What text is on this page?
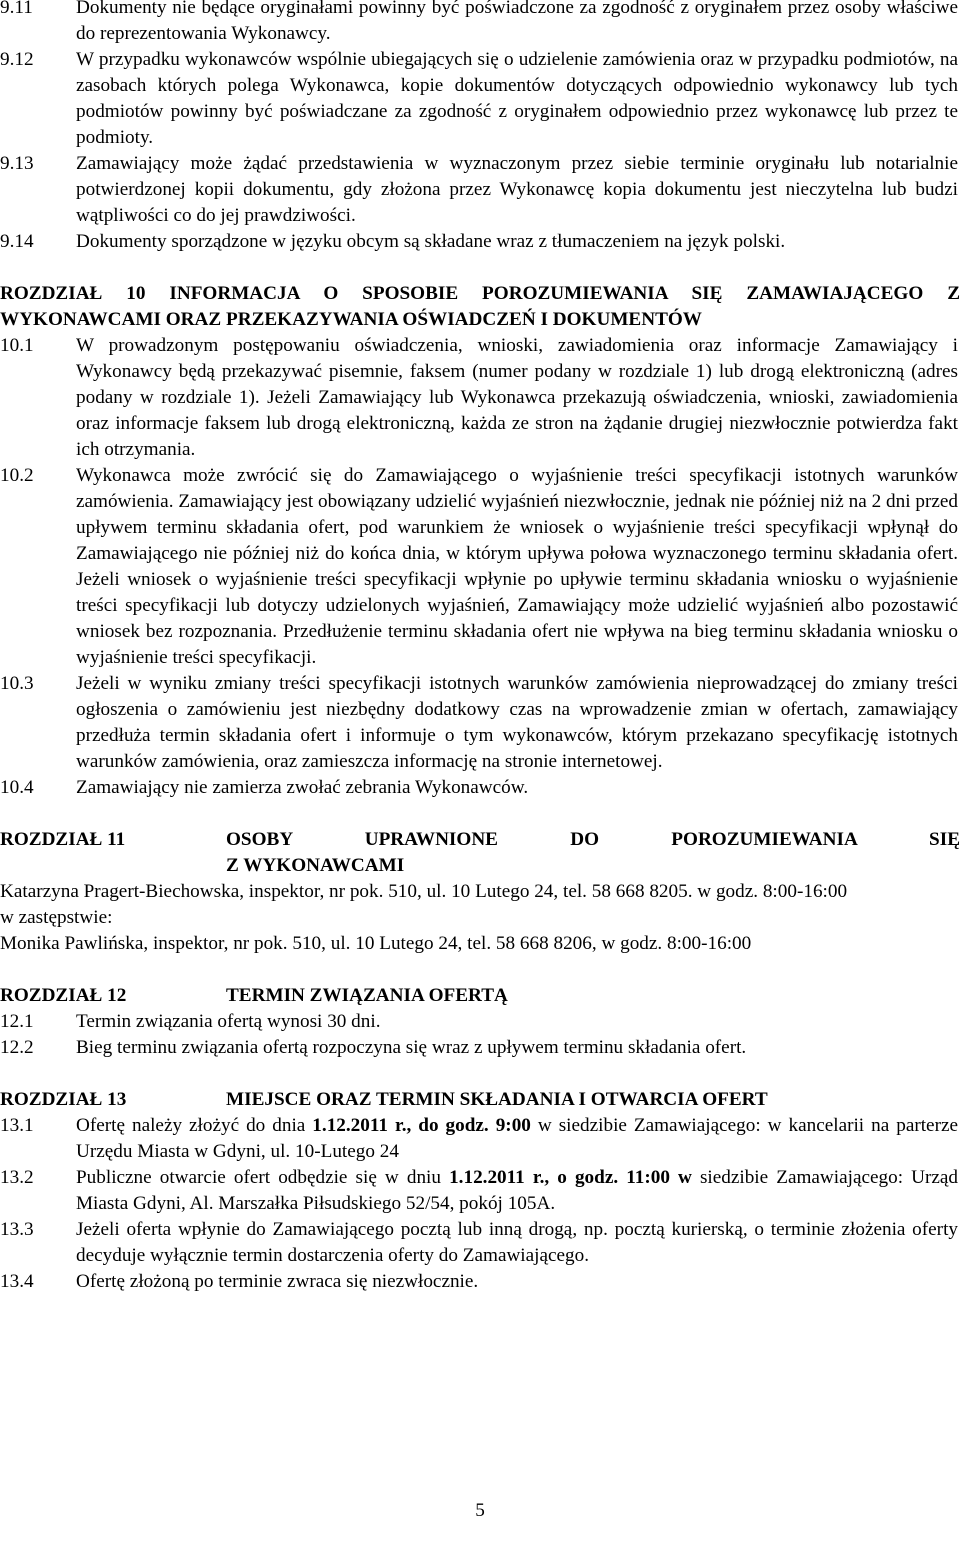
9.11	Dokumenty nie będące oryginałami powinny być poświadczone za zgodność z oryginałem przez osoby właściwe do reprezentowania Wykonawcy.
9.12	W przypadku wykonawców wspólnie ubiegających się o udzielenie zamówienia oraz w przypadku podmiotów, na zasobach których polega Wykonawca, kopie dokumentów dotyczących odpowiednio wykonawcy lub tych podmiotów powinny być poświadczane za zgodność z oryginałem odpowiednio przez wykonawcę lub przez te podmioty.
9.13	Zamawiający może żądać przedstawienia w wyznaczonym przez siebie terminie oryginału lub notarialnie potwierdzonej kopii dokumentu, gdy złożona przez Wykonawcę kopia dokumentu jest nieczytelna lub budzi wątpliwości co do jej prawdziwości.
9.14	Dokumenty sporządzone w języku obcym są składane wraz z tłumaczeniem na język polski.
ROZDZIAŁ 10 INFORMACJA O SPOSOBIE POROZUMIEWANIA SIĘ ZAMAWIAJĄCEGO Z WYKONAWCAMI ORAZ PRZEKAZYWANIA OŚWIADCZEŃ I DOKUMENTÓW
10.1	W prowadzonym postępowaniu oświadczenia, wnioski, zawiadomienia oraz informacje Zamawiający i Wykonawcy będą przekazywać pisemnie, faksem (numer podany w rozdziale 1) lub drogą elektroniczną (adres podany w rozdziale 1). Jeżeli Zamawiający lub Wykonawca przekazują oświadczenia, wnioski, zawiadomienia oraz informacje faksem lub drogą elektroniczną, każda ze stron na żądanie drugiej niezwłocznie potwierdza fakt ich otrzymania.
10.2	Wykonawca może zwrócić się do Zamawiającego o wyjaśnienie treści specyfikacji istotnych warunków zamówienia. Zamawiający jest obowiązany udzielić wyjaśnień niezwłocznie, jednak nie później niż na 2 dni przed upływem terminu składania ofert, pod warunkiem że wniosek o wyjaśnienie treści specyfikacji wpłynął do Zamawiającego nie później niż do końca dnia, w którym upływa połowa wyznaczonego terminu składania ofert. Jeżeli wniosek o wyjaśnienie treści specyfikacji wpłynie po upływie terminu składania wniosku o wyjaśnienie treści specyfikacji lub dotyczy udzielonych wyjaśnień, Zamawiający może udzielić wyjaśnień albo pozostawić wniosek bez rozpoznania. Przedłużenie terminu składania ofert nie wpływa na bieg terminu składania wniosku o wyjaśnienie treści specyfikacji.
10.3	Jeżeli w wyniku zmiany treści specyfikacji istotnych warunków zamówienia nieprowadzącej do zmiany treści ogłoszenia o zamówieniu jest niezbędny dodatkowy czas na wprowadzenie zmian w ofertach, zamawiający przedłuża termin składania ofert i informuje o tym wykonawców, którym przekazano specyfikację istotnych warunków zamówienia, oraz zamieszcza informację na stronie internetowej.
10.4	Zamawiający nie zamierza zwołać zebrania Wykonawców.
ROZDZIAŁ 11	OSOBY UPRAWNIONE DO POROZUMIEWANIA SIĘ
Z WYKONAWCAMI
Katarzyna Pragert-Biechowska, inspektor, nr pok. 510, ul. 10 Lutego 24, tel. 58 668 8205. w godz. 8:00-16:00
w zastępstwie:
Monika Pawlińska, inspektor, nr pok. 510, ul. 10 Lutego 24, tel. 58 668 8206, w godz. 8:00-16:00
ROZDZIAŁ 12	TERMIN ZWIĄZANIA OFERTĄ
12.1	Termin związania ofertą wynosi 30 dni.
12.2	Bieg terminu związania ofertą rozpoczyna się wraz z upływem terminu składania ofert.
ROZDZIAŁ 13	MIEJSCE ORAZ TERMIN SKŁADANIA I OTWARCIA OFERT
13.1	Ofertę należy złożyć do dnia 1.12.2011 r., do godz. 9:00 w siedzibie Zamawiającego: w kancelarii na parterze Urzędu Miasta w Gdyni, ul. 10-Lutego 24
13.2	Publiczne otwarcie ofert odbędzie się w dniu 1.12.2011 r., o godz. 11:00 w siedzibie Zamawiającego: Urząd Miasta Gdyni, Al. Marszałka Piłsudskiego 52/54, pokój 105A.
13.3	Jeżeli oferta wpłynie do Zamawiającego pocztą lub inną drogą, np. pocztą kurierską, o terminie złożenia oferty decyduje wyłącznie termin dostarczenia oferty do Zamawiającego.
13.4	Ofertę złożoną po terminie zwraca się niezwłocznie.
5
